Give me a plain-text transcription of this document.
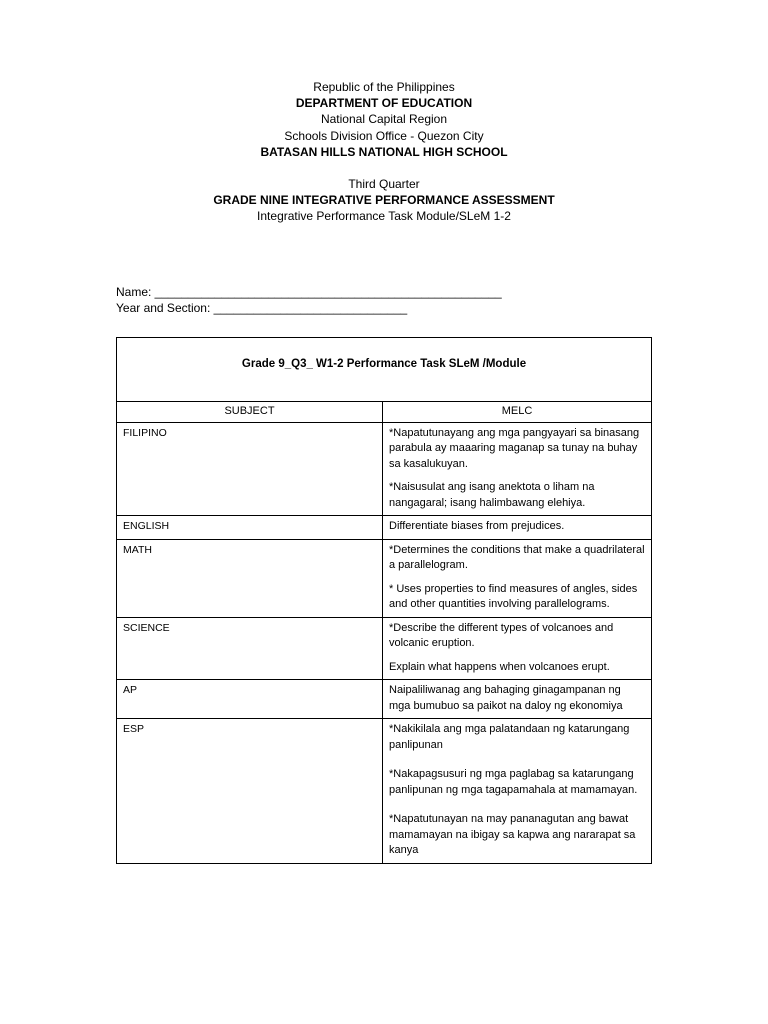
Republic of the Philippines
DEPARTMENT OF EDUCATION
National Capital Region
Schools Division Office - Quezon City
BATASAN HILLS NATIONAL HIGH SCHOOL
Third Quarter
GRADE NINE INTEGRATIVE PERFORMANCE ASSESSMENT
Integrative Performance Task Module/SLeM 1-2
Name: ____________________________________________________
Year and Section: _____________________________
Grade 9_Q3_ W1-2 Performance Task SLeM /Module	
SUBJECT	MELC
FILIPINO	*Napatutunayang ang mga pangyayari sa binasang parabula ay maaaring maganap sa tunay na buhay sa kasalukuyan.

*Naisusulat ang isang anektota o liham na nangagaral; isang halimbawang elehiya.

ENGLISH	Differentiate biases from prejudices.

MATH	*Determines the conditions that make a quadrilateral a parallelogram.

* Uses properties to find measures of angles, sides and other quantities involving parallelograms.

SCIENCE	*Describe the different types of volcanoes and volcanic eruption.

Explain what happens when volcanoes erupt.

AP	Naipaliliwanag ang bahaging ginagampanan ng mga bumubuo sa paikot na daloy ng ekonomiya

ESP	*Nakikilala ang mga palatandaan ng katarungang panlipunan

*Nakapagsusuri ng mga paglabag sa katarungang panlipunan ng mga tagapamahala at mamamayan.

*Napatutunayan na may pananagutan ang bawat mamamayan na ibigay sa kapwa ang nararapat sa kanya
